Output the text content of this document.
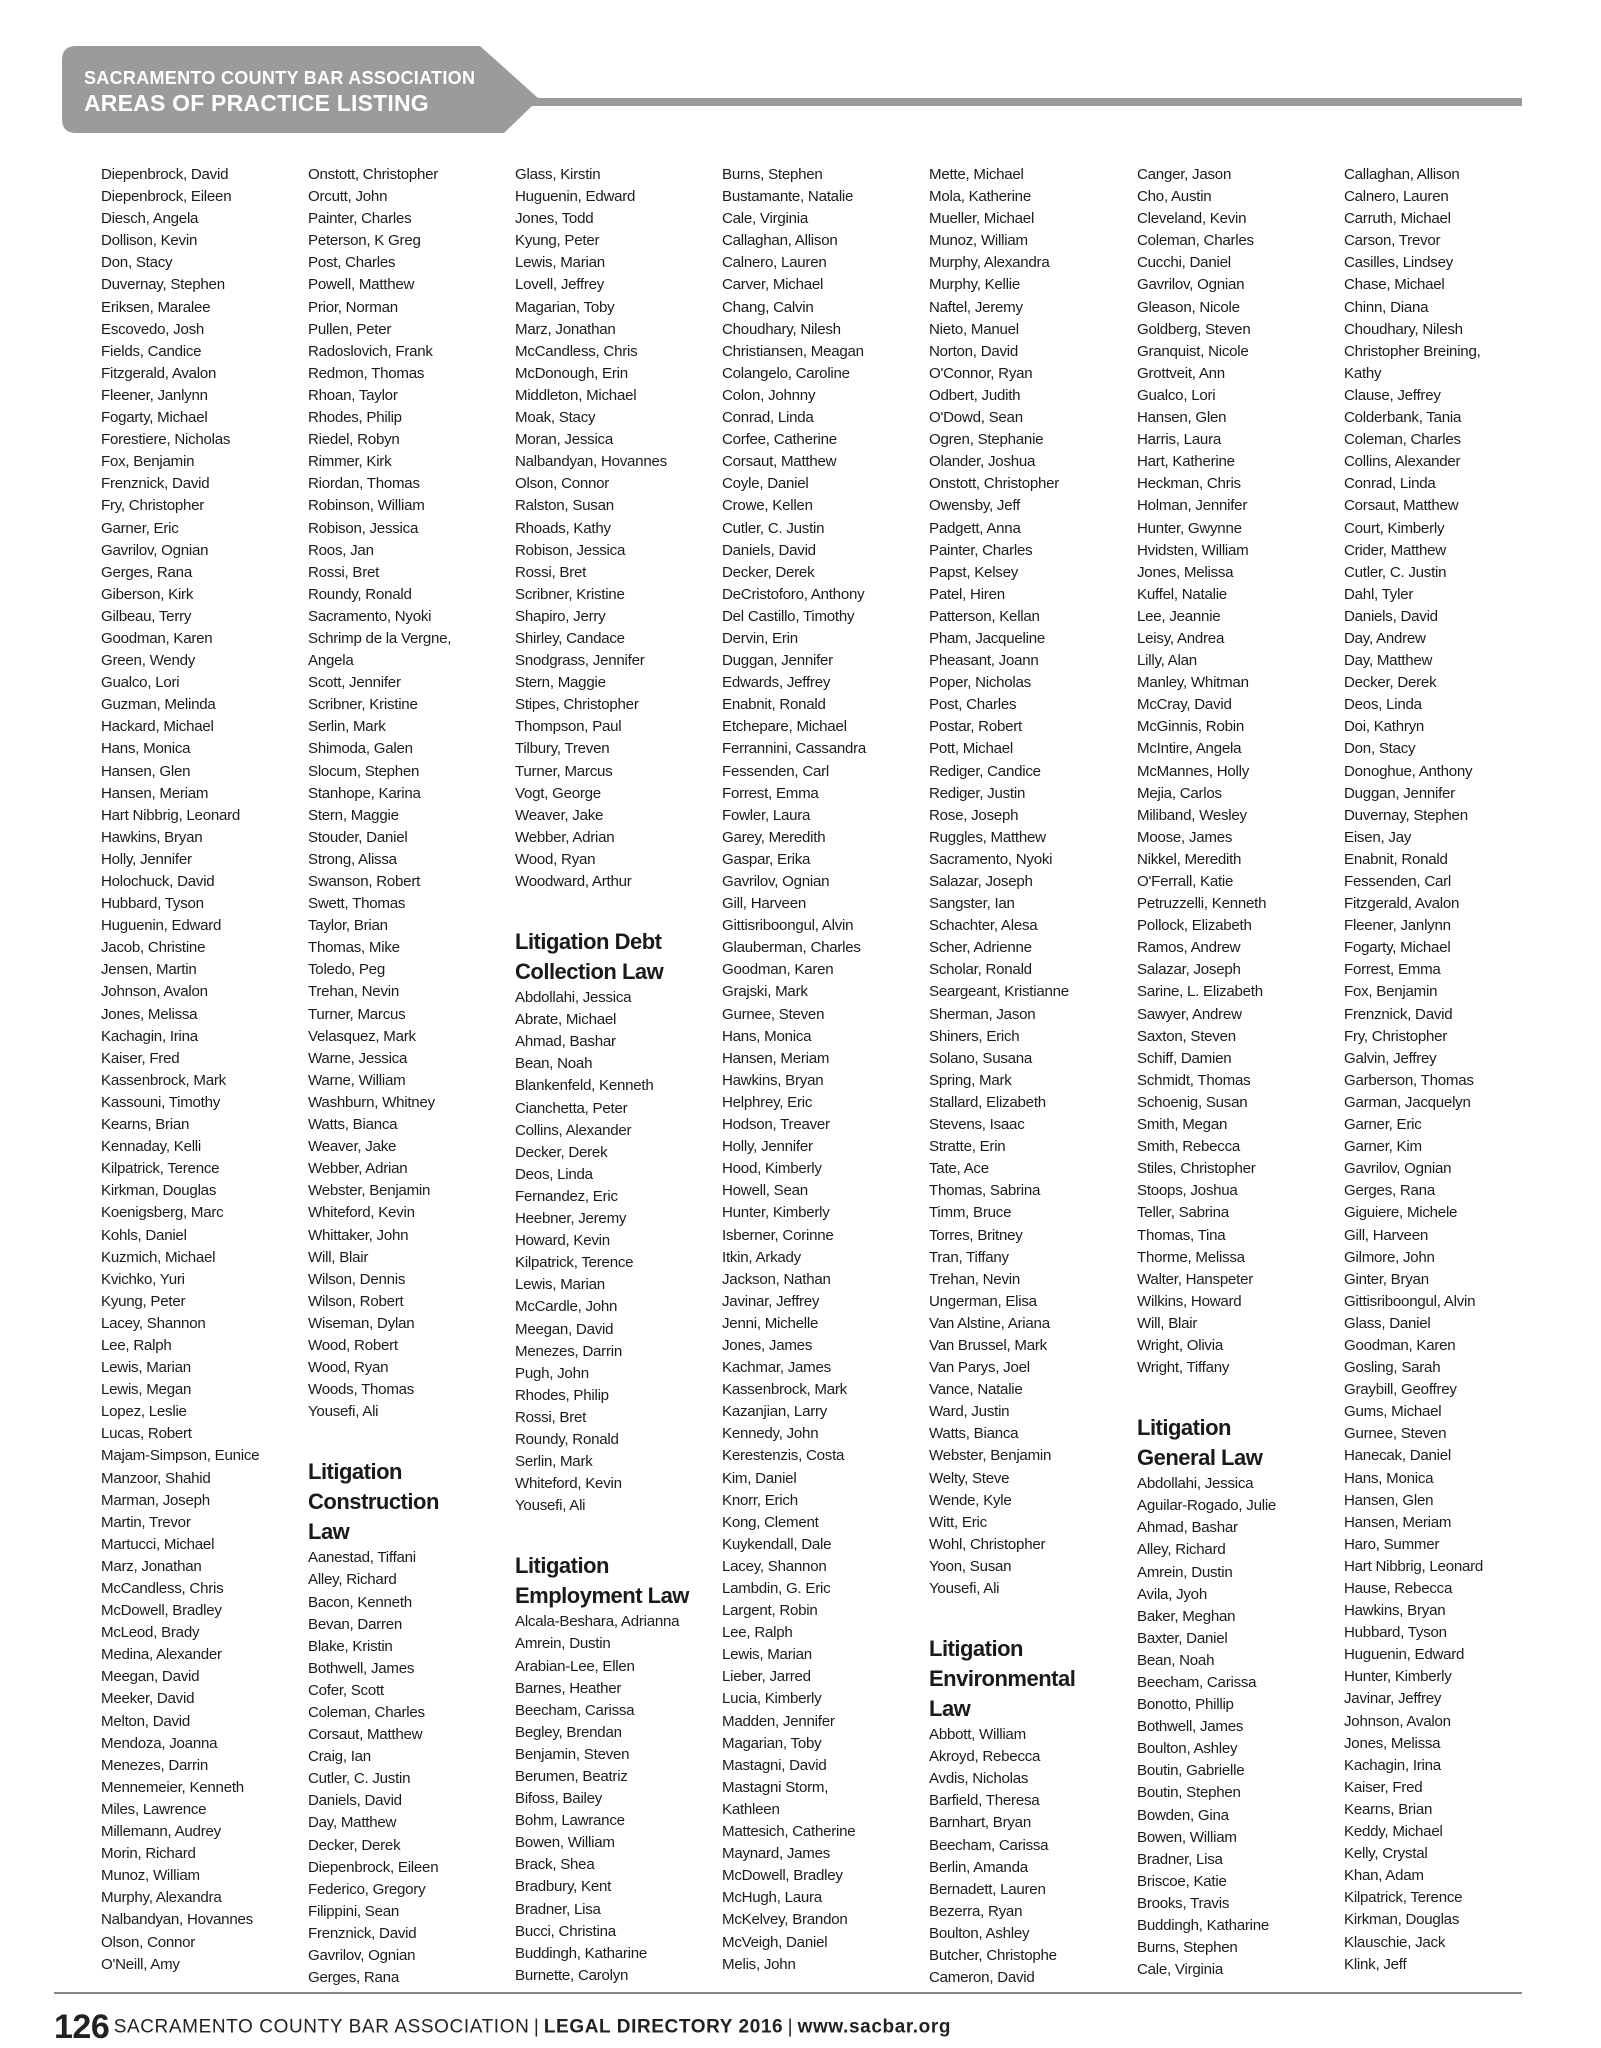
SACRAMENTO COUNTY BAR ASSOCIATION
AREAS OF PRACTICE LISTING
Diepenbrock, David
Diepenbrock, Eileen
Diesch, Angela
Dollison, Kevin
Don, Stacy
Duvernay, Stephen
Eriksen, Maralee
Escovedo, Josh
Fields, Candice
Fitzgerald, Avalon
Fleener, Janlynn
Fogarty, Michael
Forestiere, Nicholas
Fox, Benjamin
Frenznick, David
Fry, Christopher
Garner, Eric
Gavrilov, Ognian
Gerges, Rana
Giberson, Kirk
Gilbeau, Terry
Goodman, Karen
Green, Wendy
Gualco, Lori
Guzman, Melinda
Hackard, Michael
Hans, Monica
Hansen, Glen
Hansen, Meriam
Hart Nibbrig, Leonard
Hawkins, Bryan
Holly, Jennifer
Holochuck, David
Hubbard, Tyson
Huguenin, Edward
Jacob, Christine
Jensen, Martin
Johnson, Avalon
Jones, Melissa
Kachagin, Irina
Kaiser, Fred
Kassenbrock, Mark
Kassouni, Timothy
Kearns, Brian
Kennaday, Kelli
Kilpatrick, Terence
Kirkman, Douglas
Koenigsberg, Marc
Kohls, Daniel
Kuzmich, Michael
Kvichko, Yuri
Kyung, Peter
Lacey, Shannon
Lee, Ralph
Lewis, Marian
Lewis, Megan
Lopez, Leslie
Lucas, Robert
Majam-Simpson, Eunice
Manzoor, Shahid
Marman, Joseph
Martin, Trevor
Martucci, Michael
Marz, Jonathan
McCandless, Chris
McDowell, Bradley
McLeod, Brady
Medina, Alexander
Meegan, David
Meeker, David
Melton, David
Mendoza, Joanna
Menezes, Darrin
Mennemeier, Kenneth
Miles, Lawrence
Millemann, Audrey
Morin, Richard
Munoz, William
Murphy, Alexandra
Nalbandyan, Hovannes
Olson, Connor
O'Neill, Amy
Onstott, Christopher
Orcutt, John
Painter, Charles
Peterson, K Greg
Post, Charles
Powell, Matthew
Prior, Norman
Pullen, Peter
Radoslovich, Frank
Redmon, Thomas
Rhoan, Taylor
Rhodes, Philip
Riedel, Robyn
Rimmer, Kirk
Riordan, Thomas
Robinson, William
Robison, Jessica
Roos, Jan
Rossi, Bret
Roundy, Ronald
Sacramento, Nyoki
Schrimp de la Vergne,
Angela
Scott, Jennifer
Scribner, Kristine
Serlin, Mark
Shimoda, Galen
Slocum, Stephen
Stanhope, Karina
Stern, Maggie
Stouder, Daniel
Strong, Alissa
Swanson, Robert
Swett, Thomas
Taylor, Brian
Thomas, Mike
Toledo, Peg
Trehan, Nevin
Turner, Marcus
Velasquez, Mark
Warne, Jessica
Warne, William
Washburn, Whitney
Watts, Bianca
Weaver, Jake
Webber, Adrian
Webster, Benjamin
Whiteford, Kevin
Whittaker, John
Will, Blair
Wilson, Dennis
Wilson, Robert
Wiseman, Dylan
Wood, Robert
Wood, Ryan
Woods, Thomas
Yousefi, Ali
Litigation
Construction
Law
Aanestad, Tiffani
Alley, Richard
Bacon, Kenneth
Bevan, Darren
Blake, Kristin
Bothwell, James
Cofer, Scott
Coleman, Charles
Corsaut, Matthew
Craig, Ian
Cutler, C. Justin
Daniels, David
Day, Matthew
Decker, Derek
Diepenbrock, Eileen
Federico, Gregory
Filippini, Sean
Frenznick, David
Gavrilov, Ognian
Gerges, Rana
Glass, Kirstin
Huguenin, Edward
Jones, Todd
Kyung, Peter
Lewis, Marian
Lovell, Jeffrey
Magarian, Toby
Marz, Jonathan
McCandless, Chris
McDonough, Erin
Middleton, Michael
Moak, Stacy
Moran, Jessica
Nalbandyan, Hovannes
Olson, Connor
Ralston, Susan
Rhoads, Kathy
Robison, Jessica
Rossi, Bret
Scribner, Kristine
Shapiro, Jerry
Shirley, Candace
Snodgrass, Jennifer
Stern, Maggie
Stipes, Christopher
Thompson, Paul
Tilbury, Treven
Turner, Marcus
Vogt, George
Weaver, Jake
Webber, Adrian
Wood, Ryan
Woodward, Arthur
Litigation Debt
Collection Law
Abdollahi, Jessica
Abrate, Michael
Ahmad, Bashar
Bean, Noah
Blankenfeld, Kenneth
Cianchetta, Peter
Collins, Alexander
Decker, Derek
Deos, Linda
Fernandez, Eric
Heebner, Jeremy
Howard, Kevin
Kilpatrick, Terence
Lewis, Marian
McCardle, John
Meegan, David
Menezes, Darrin
Pugh, John
Rhodes, Philip
Rossi, Bret
Roundy, Ronald
Serlin, Mark
Whiteford, Kevin
Yousefi, Ali
Litigation
Employment Law
Alcala-Beshara, Adrianna
Amrein, Dustin
Arabian-Lee, Ellen
Barnes, Heather
Beecham, Carissa
Begley, Brendan
Benjamin, Steven
Berumen, Beatriz
Bifoss, Bailey
Bohm, Lawrance
Bowen, William
Brack, Shea
Bradbury, Kent
Bradner, Lisa
Bucci, Christina
Buddingh, Katharine
Burnette, Carolyn
Burns, Stephen
Bustamante, Natalie
Cale, Virginia
Callaghan, Allison
Calnero, Lauren
Carver, Michael
Chang, Calvin
Choudhary, Nilesh
Christiansen, Meagan
Colangelo, Caroline
Colon, Johnny
Conrad, Linda
Corfee, Catherine
Corsaut, Matthew
Coyle, Daniel
Crowe, Kellen
Cutler, C. Justin
Daniels, David
Decker, Derek
DeCristoforo, Anthony
Del Castillo, Timothy
Dervin, Erin
Duggan, Jennifer
Edwards, Jeffrey
Enabnit, Ronald
Etchepare, Michael
Ferrannini, Cassandra
Fessenden, Carl
Forrest, Emma
Fowler, Laura
Garey, Meredith
Gaspar, Erika
Gavrilov, Ognian
Gill, Harveen
Gittisriboongul, Alvin
Glauberman, Charles
Goodman, Karen
Grajski, Mark
Gurnee, Steven
Hans, Monica
Hansen, Meriam
Hawkins, Bryan
Helphrey, Eric
Hodson, Treaver
Holly, Jennifer
Hood, Kimberly
Howell, Sean
Hunter, Kimberly
Isberner, Corinne
Itkin, Arkady
Jackson, Nathan
Javinar, Jeffrey
Jenni, Michelle
Jones, James
Kachmar, James
Kassenbrock, Mark
Kazanjian, Larry
Kennedy, John
Kerestenzis, Costa
Kim, Daniel
Knorr, Erich
Kong, Clement
Kuykendall, Dale
Lacey, Shannon
Lambdin, G. Eric
Largent, Robin
Lee, Ralph
Lewis, Marian
Lieber, Jarred
Lucia, Kimberly
Madden, Jennifer
Magarian, Toby
Mastagni, David
Mastagni Storm,
Kathleen
Mattesich, Catherine
Maynard, James
McDowell, Bradley
McHugh, Laura
McKelvey, Brandon
McVeigh, Daniel
Melis, John
Mette, Michael
Mola, Katherine
Mueller, Michael
Munoz, William
Murphy, Alexandra
Murphy, Kellie
Naftel, Jeremy
Nieto, Manuel
Norton, David
O'Connor, Ryan
Odbert, Judith
O'Dowd, Sean
Ogren, Stephanie
Olander, Joshua
Onstott, Christopher
Owensby, Jeff
Padgett, Anna
Painter, Charles
Papst, Kelsey
Patel, Hiren
Patterson, Kellan
Pham, Jacqueline
Pheasant, Joann
Poper, Nicholas
Post, Charles
Postar, Robert
Pott, Michael
Rediger, Candice
Rediger, Justin
Rose, Joseph
Ruggles, Matthew
Sacramento, Nyoki
Salazar, Joseph
Sangster, Ian
Schachter, Alesa
Scher, Adrienne
Scholar, Ronald
Seargeant, Kristianne
Sherman, Jason
Shiners, Erich
Solano, Susana
Spring, Mark
Stallard, Elizabeth
Stevens, Isaac
Stratte, Erin
Tate, Ace
Thomas, Sabrina
Timm, Bruce
Torres, Britney
Tran, Tiffany
Trehan, Nevin
Ungerman, Elisa
Van Alstine, Ariana
Van Brussel, Mark
Van Parys, Joel
Vance, Natalie
Ward, Justin
Watts, Bianca
Webster, Benjamin
Welty, Steve
Wende, Kyle
Witt, Eric
Wohl, Christopher
Yoon, Susan
Yousefi, Ali
Litigation
Environmental
Law
Abbott, William
Akroyd, Rebecca
Avdis, Nicholas
Barfield, Theresa
Barnhart, Bryan
Beecham, Carissa
Berlin, Amanda
Bernadett, Lauren
Bezerra, Ryan
Boulton, Ashley
Butcher, Christophe
Cameron, David
Canger, Jason
Cho, Austin
Cleveland, Kevin
Coleman, Charles
Cucchi, Daniel
Gavrilov, Ognian
Gleason, Nicole
Goldberg, Steven
Granquist, Nicole
Grottveit, Ann
Gualco, Lori
Hansen, Glen
Harris, Laura
Hart, Katherine
Heckman, Chris
Holman, Jennifer
Hunter, Gwynne
Hvidsten, William
Jones, Melissa
Kuffel, Natalie
Lee, Jeannie
Leisy, Andrea
Lilly, Alan
Manley, Whitman
McCray, David
McGinnis, Robin
McIntire, Angela
McMannes, Holly
Mejia, Carlos
Miliband, Wesley
Moose, James
Nikkel, Meredith
O'Ferrall, Katie
Petruzzelli, Kenneth
Pollock, Elizabeth
Ramos, Andrew
Salazar, Joseph
Sarine, L. Elizabeth
Sawyer, Andrew
Saxton, Steven
Schiff, Damien
Schmidt, Thomas
Schoenig, Susan
Smith, Megan
Smith, Rebecca
Stiles, Christopher
Stoops, Joshua
Teller, Sabrina
Thomas, Tina
Thorme, Melissa
Walter, Hanspeter
Wilkins, Howard
Will, Blair
Wright, Olivia
Wright, Tiffany
Litigation
General Law
Abdollahi, Jessica
Aguilar-Rogado, Julie
Ahmad, Bashar
Alley, Richard
Amrein, Dustin
Avila, Jyoh
Baker, Meghan
Baxter, Daniel
Bean, Noah
Beecham, Carissa
Bonotto, Phillip
Bothwell, James
Boulton, Ashley
Boutin, Gabrielle
Boutin, Stephen
Bowden, Gina
Bowen, William
Bradner, Lisa
Briscoe, Katie
Brooks, Travis
Buddingh, Katharine
Burns, Stephen
Cale, Virginia
Callaghan, Allison
Calnero, Lauren
Carruth, Michael
Carson, Trevor
Casilles, Lindsey
Chase, Michael
Chinn, Diana
Choudhary, Nilesh
Christopher Breining,
Kathy
Clause, Jeffrey
Colderbank, Tania
Coleman, Charles
Collins, Alexander
Conrad, Linda
Corsaut, Matthew
Court, Kimberly
Crider, Matthew
Cutler, C. Justin
Dahl, Tyler
Daniels, David
Day, Andrew
Day, Matthew
Decker, Derek
Deos, Linda
Doi, Kathryn
Don, Stacy
Donoghue, Anthony
Duggan, Jennifer
Duvernay, Stephen
Eisen, Jay
Enabnit, Ronald
Fessenden, Carl
Fitzgerald, Avalon
Fleener, Janlynn
Fogarty, Michael
Forrest, Emma
Fox, Benjamin
Frenznick, David
Fry, Christopher
Galvin, Jeffrey
Garberson, Thomas
Garman, Jacquelyn
Garner, Eric
Garner, Kim
Gavrilov, Ognian
Gerges, Rana
Giguiere, Michele
Gill, Harveen
Gilmore, John
Ginter, Bryan
Gittisriboongul, Alvin
Glass, Daniel
Goodman, Karen
Gosling, Sarah
Graybill, Geoffrey
Gums, Michael
Gurnee, Steven
Hanecak, Daniel
Hans, Monica
Hansen, Glen
Hansen, Meriam
Haro, Summer
Hart Nibbrig, Leonard
Hause, Rebecca
Hawkins, Bryan
Hubbard, Tyson
Huguenin, Edward
Hunter, Kimberly
Javinar, Jeffrey
Johnson, Avalon
Jones, Melissa
Kachagin, Irina
Kaiser, Fred
Kearns, Brian
Keddy, Michael
Kelly, Crystal
Khan, Adam
Kilpatrick, Terence
Kirkman, Douglas
Klauschie, Jack
Klink, Jeff
126 SACRAMENTO COUNTY BAR ASSOCIATION | LEGAL DIRECTORY 2016 | www.sacbar.org
